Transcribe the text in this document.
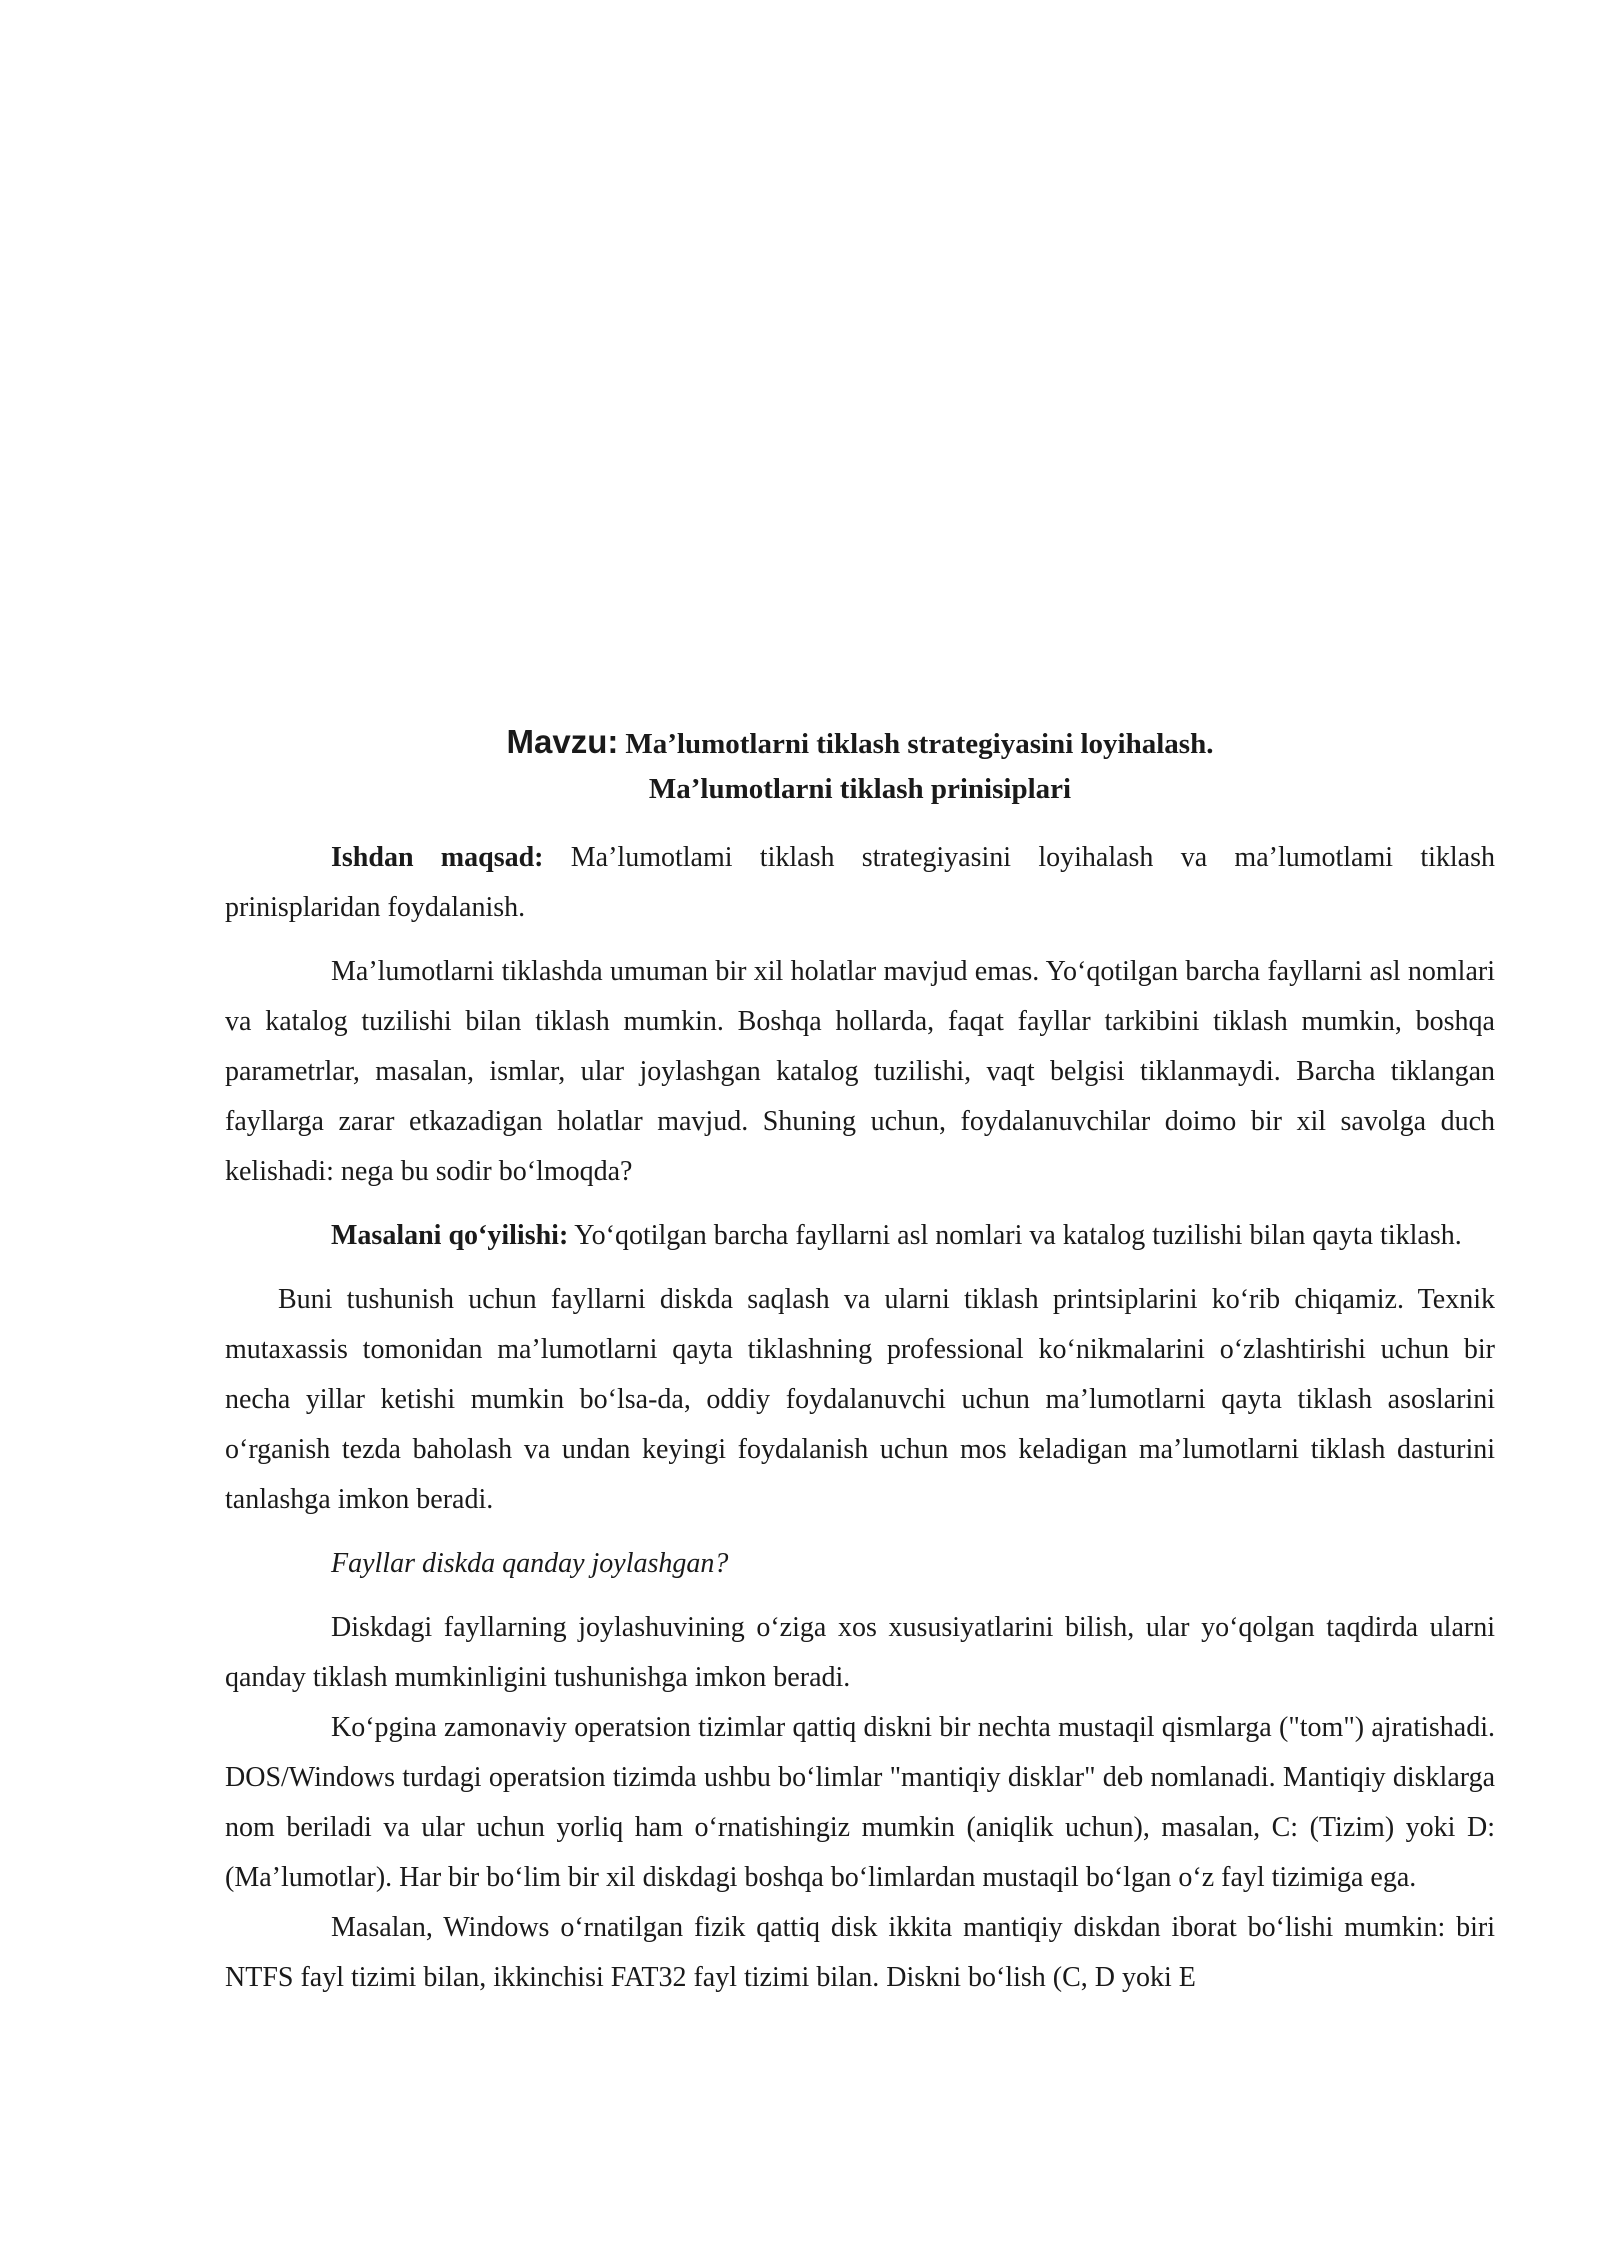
Mavzu: Ma’lumotlarni tiklash strategiyasini loyihalash.
Ma’lumotlarni tiklash prinisiplari

Ishdan maqsad: Ma’lumotlami tiklash strategiyasini loyihalash va ma’lumotlami tiklash prinisplaridan foydalanish.

Ma’lumotlarni tiklashda umuman bir xil holatlar mavjud emas. Yo‘qotilgan barcha fayllarni asl nomlari va katalog tuzilishi bilan tiklash mumkin. Boshqa hollarda, faqat fayllar tarkibini tiklash mumkin, boshqa parametrlar, masalan, ismlar, ular joylashgan katalog tuzilishi, vaqt belgisi tiklanmaydi. Barcha tiklangan fayllarga zarar etkazadigan holatlar mavjud. Shuning uchun, foydalanuvchilar doimo bir xil savolga duch kelishadi: nega bu sodir bo‘lmoqda?

Masalani qo‘yilishi: Yo‘qotilgan barcha fayllarni asl nomlari va katalog tuzilishi bilan qayta tiklash.

Buni tushunish uchun fayllarni diskda saqlash va ularni tiklash printsiplarini ko‘rib chiqamiz. Texnik mutaxassis tomonidan ma’lumotlarni qayta tiklashning professional ko‘nikmalarini o‘zlashtirishi uchun bir necha yillar ketishi mumkin bo‘lsa-da, oddiy foydalanuvchi uchun ma’lumotlarni qayta tiklash asoslarini o‘rganish tezda baholash va undan keyingi foydalanish uchun mos keladigan ma’lumotlarni tiklash dasturini tanlashga imkon beradi.

Fayllar diskda qanday joylashgan?

Diskdagi fayllarning joylashuvining o‘ziga xos xususiyatlarini bilish, ular yo‘qolgan taqdirda ularni qanday tiklash mumkinligini tushunishga imkon beradi.

Ko‘pgina zamonaviy operatsion tizimlar qattiq diskni bir nechta mustaqil qismlarga ("tom") ajratishadi. DOS/Windows turdagi operatsion tizimda ushbu bo‘limlar "mantiqiy disklar" deb nomlanadi. Mantiqiy disklarga nom beriladi va ular uchun yorliq ham o‘rnatishingiz mumkin (aniqlik uchun), masalan, C: (Tizim) yoki D: (Ma’lumotlar). Har bir bo‘lim bir xil diskdagi boshqa bo‘limlardan mustaqil bo‘lgan o‘z fayl tizimiga ega.

Masalan, Windows o‘rnatilgan fizik qattiq disk ikkita mantiqiy diskdan iborat bo‘lishi mumkin: biri NTFS fayl tizimi bilan, ikkinchisi FAT32 fayl tizimi bilan. Diskni bo‘lish (C, D yoki E
